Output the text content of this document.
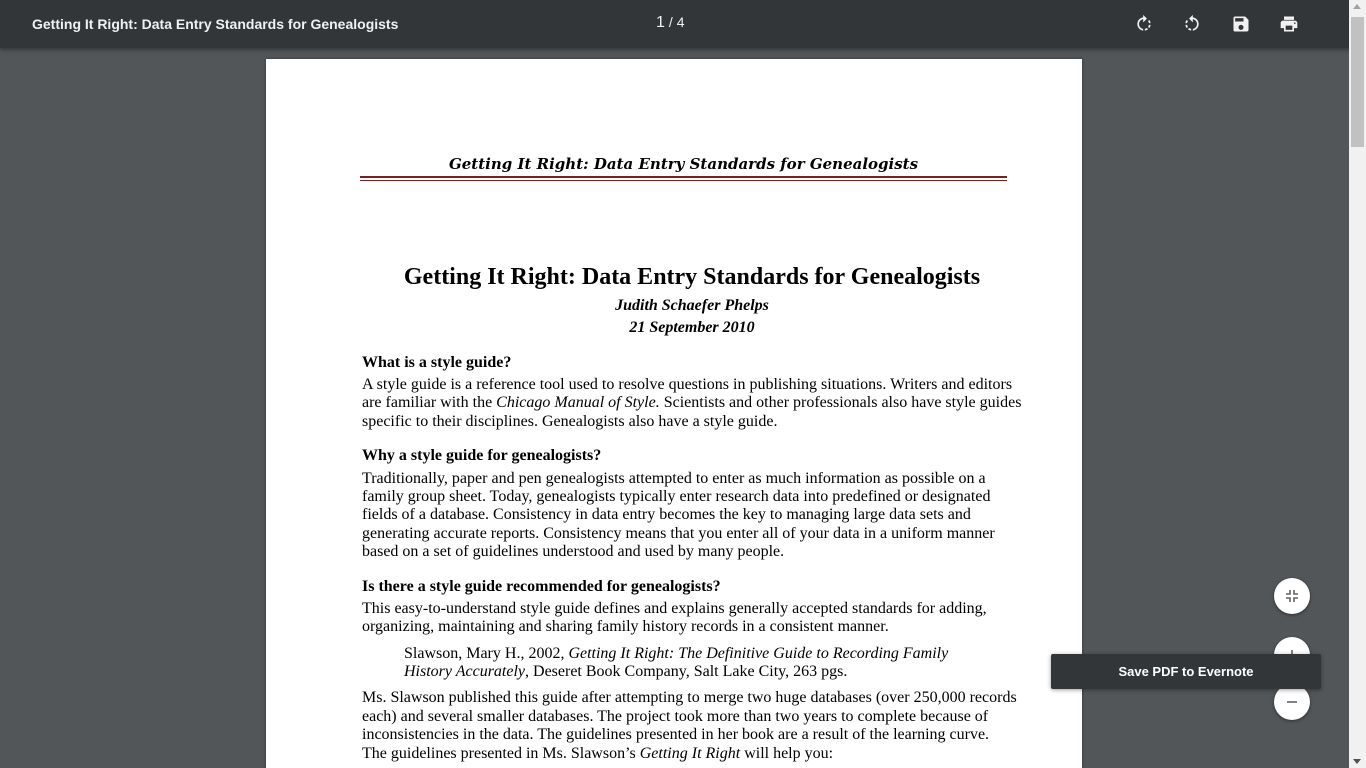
Getting It Right: Data Entry Standards for Genealogists	1 / 4
Getting It Right: Data Entry Standards for Genealogists
Getting It Right: Data Entry Standards for Genealogists
Judith Schaefer Phelps
21 September 2010
What is a style guide?
A style guide is a reference tool used to resolve questions in publishing situations. Writers and editors
are familiar with the Chicago Manual of Style. Scientists and other professionals also have style guides
specific to their disciplines. Genealogists also have a style guide.
Why a style guide for genealogists?
Traditionally, paper and pen genealogists attempted to enter as much information as possible on a
family group sheet. Today, genealogists typically enter research data into predefined or designated
fields of a database. Consistency in data entry becomes the key to managing large data sets and
generating accurate reports. Consistency means that you enter all of your data in a uniform manner
based on a set of guidelines understood and used by many people.
Is there a style guide recommended for genealogists?
This easy-to-understand style guide defines and explains generally accepted standards for adding,
organizing, maintaining and sharing family history records in a consistent manner.
Slawson, Mary H., 2002, Getting It Right: The Definitive Guide to Recording Family
History Accurately, Deseret Book Company, Salt Lake City, 263 pgs.
Ms. Slawson published this guide after attempting to merge two huge databases (over 250,000 records
each) and several smaller databases. The project took more than two years to complete because of
inconsistencies in the data. The guidelines presented in her book are a result of the learning curve.
The guidelines presented in Ms. Slawson’s Getting It Right will help you:
Save PDF to Evernote
